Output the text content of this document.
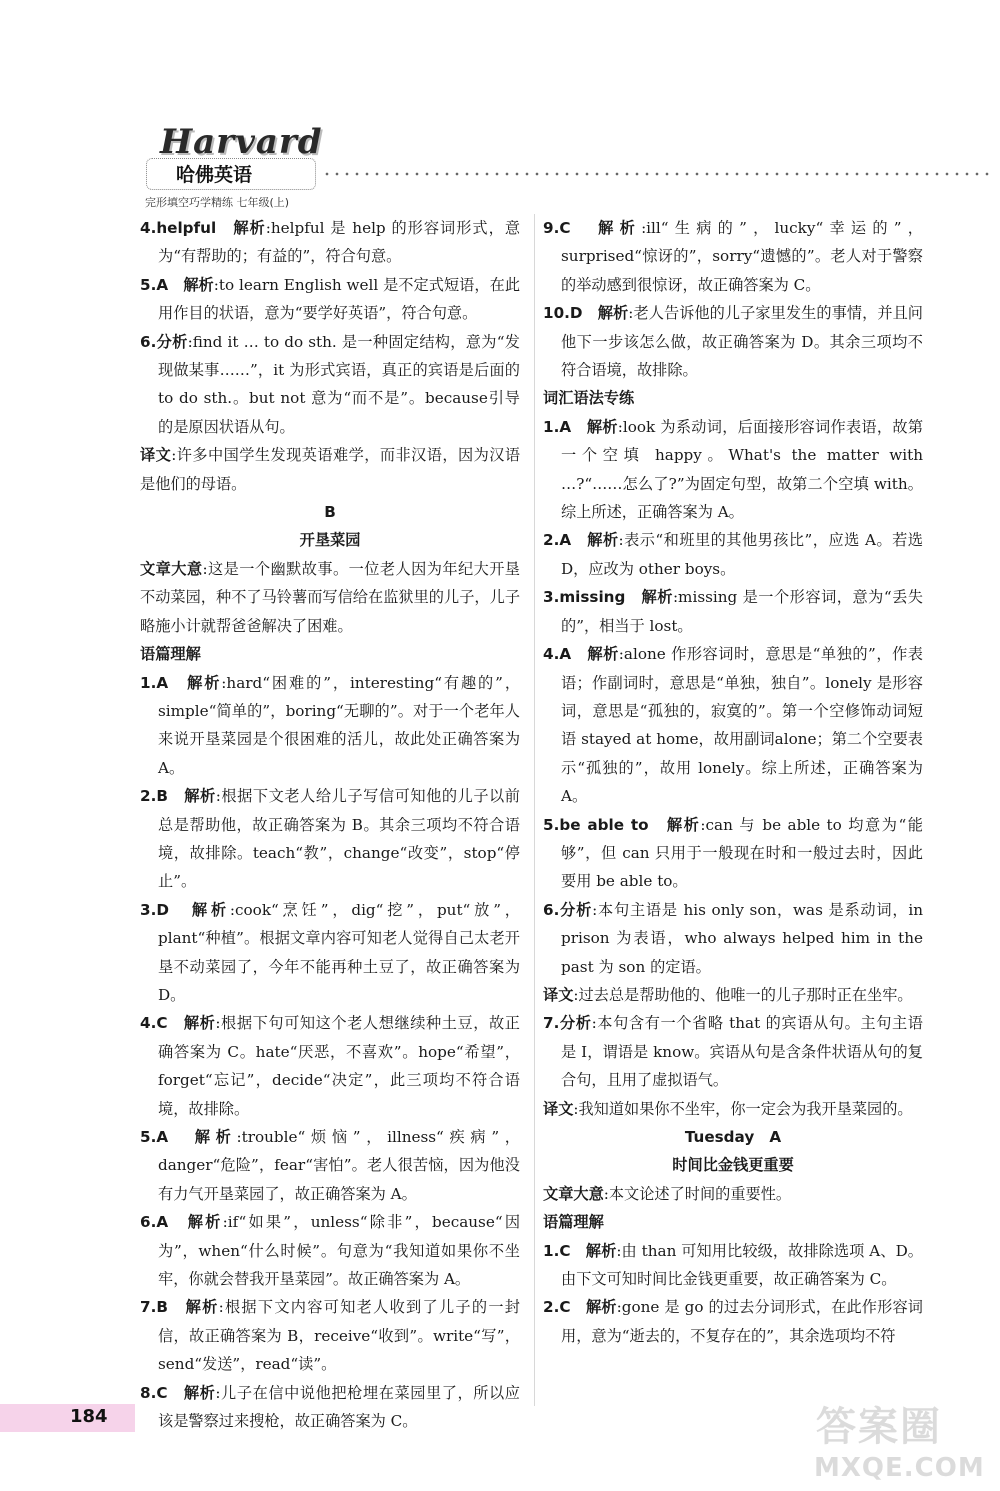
Harvard
哈佛英语
完形填空巧学精练 七年级(上)

4.helpful　解析:helpful 是 help 的形容词形式，意为“有帮助的；有益的”，符合句意。

5.A　解析:to learn English well 是不定式短语，在此用作目的状语，意为“要学好英语”，符合句意。

6.分析:find it … to do sth. 是一种固定结构，意为“发现做某事……”，it 为形式宾语，真正的宾语是后面的 to do sth.。but not 意为“而不是”。because引导的是原因状语从句。

译文:许多中国学生发现英语难学，而非汉语，因为汉语是他们的母语。

B

开垦菜园

文章大意:这是一个幽默故事。一位老人因为年纪大开垦不动菜园，种不了马铃薯而写信给在监狱里的儿子，儿子略施小计就帮爸爸解决了困难。

语篇理解

1.A　解析:hard“困难的”，interesting“有趣的”，simple“简单的”，boring“无聊的”。对于一个老年人来说开垦菜园是个很困难的活儿，故此处正确答案为 A。

2.B　解析:根据下文老人给儿子写信可知他的儿子以前总是帮助他，故正确答案为 B。其余三项均不符合语境，故排除。teach“教”，change“改变”，stop“停止”。

3.D　解析:cook“烹饪”，dig“挖”，put“放”，plant“种植”。根据文章内容可知老人觉得自己太老开垦不动菜园了，今年不能再种土豆了，故正确答案为 D。

4.C　解析:根据下句可知这个老人想继续种土豆，故正确答案为 C。hate“厌恶，不喜欢”。hope“希望”，forget“忘记”，decide“决定”，此三项均不符合语境，故排除。

5.A　解析:trouble“烦恼”，illness“疾病”，danger“危险”，fear“害怕”。老人很苦恼，因为他没有力气开垦菜园了，故正确答案为 A。

6.A　解析:if“如果”，unless“除非”，because“因为”，when“什么时候”。句意为“我知道如果你不坐牢，你就会替我开垦菜园”。故正确答案为 A。

7.B　解析:根据下文内容可知老人收到了儿子的一封信，故正确答案为 B，receive“收到”。write“写”，send“发送”，read“读”。

8.C　解析:儿子在信中说他把枪埋在菜园里了，所以应该是警察过来搜枪，故正确答案为 C。

9.C　解析:ill“生病的”，lucky“幸运的”，surprised“惊讶的”，sorry“遗憾的”。老人对于警察的举动感到很惊讶，故正确答案为 C。

10.D　解析:老人告诉他的儿子家里发生的事情，并且问他下一步该怎么做，故正确答案为 D。其余三项均不符合语境，故排除。

词汇语法专练

1.A　解析:look 为系动词，后面接形容词作表语，故第一个空填 happy。What's the matter with …?“……怎么了?”为固定句型，故第二个空填 with。综上所述，正确答案为 A。

2.A　解析:表示“和班里的其他男孩比”，应选 A。若选 D，应改为 other boys。

3.missing　解析:missing 是一个形容词，意为“丢失的”，相当于 lost。

4.A　解析:alone 作形容词时，意思是“单独的”，作表语；作副词时，意思是“单独，独自”。lonely 是形容词，意思是“孤独的，寂寞的”。第一个空修饰动词短语 stayed at home，故用副词alone；第二个空要表示“孤独的”，故用 lonely。综上所述，正确答案为 A。

5.be able to　解析:can 与 be able to 均意为“能够”，但 can 只用于一般现在时和一般过去时，因此要用 be able to。

6.分析:本句主语是 his only son，was 是系动词，in prison 为表语，who always helped him in the past 为 son 的定语。

译文:过去总是帮助他的、他唯一的儿子那时正在坐牢。

7.分析:本句含有一个省略 that 的宾语从句。主句主语是 I，谓语是 know。宾语从句是含条件状语从句的复合句，且用了虚拟语气。

译文:我知道如果你不坐牢，你一定会为我开垦菜园的。

Tuesday　A

时间比金钱更重要

文章大意:本文论述了时间的重要性。

语篇理解

1.C　解析:由 than 可知用比较级，故排除选项 A、D。由下文可知时间比金钱更重要，故正确答案为 C。

2.C　解析:gone 是 go 的过去分词形式，在此作形容词用，意为“逝去的，不复存在的”，其余选项均不符

184	答案圈
MXQE.COM
